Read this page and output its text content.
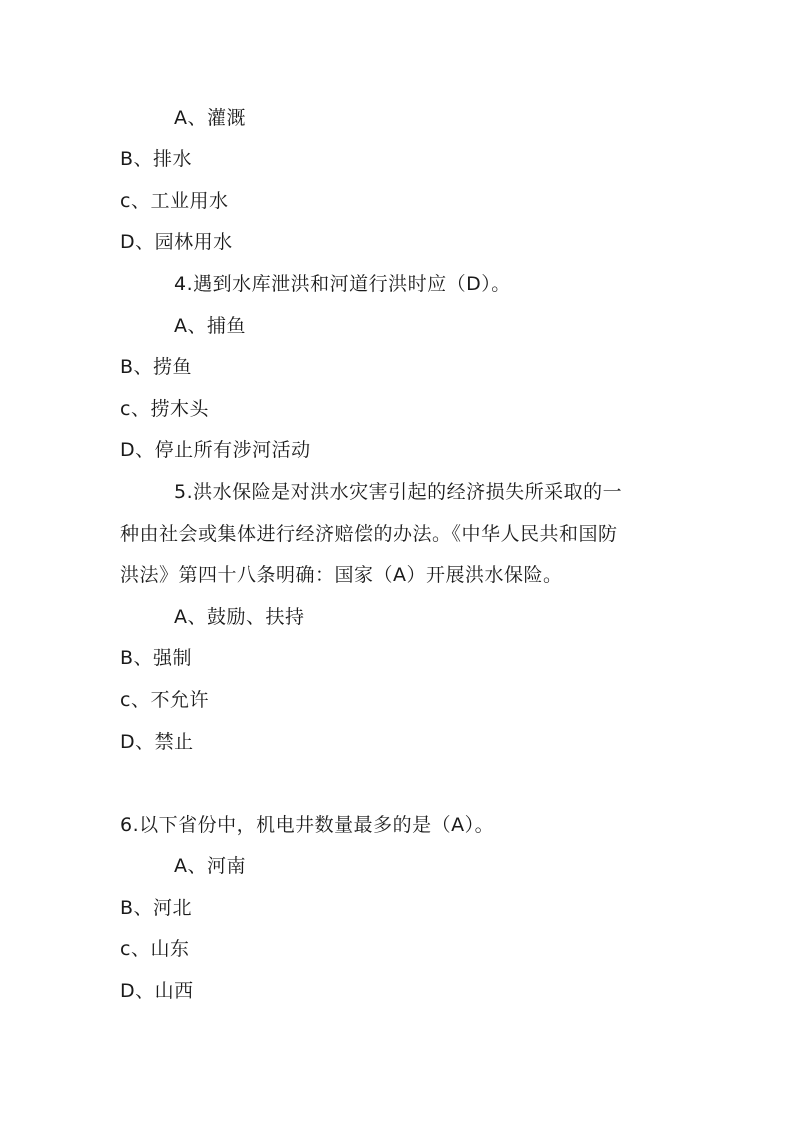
A、灌溉
B、排水
c、工业用水
D、园林用水
4.遇到水库泄洪和河道行洪时应（D）。
A、捕鱼
B、捞鱼
c、捞木头
D、停止所有涉河活动
5.洪水保险是对洪水灾害引起的经济损失所采取的一
种由社会或集体进行经济赔偿的办法。《中华人民共和国防
洪法》第四十八条明确：国家（A）开展洪水保险。
A、鼓励、扶持
B、强制
c、不允许
D、禁止
6.以下省份中，机电井数量最多的是（A）。
A、河南
B、河北
c、山东
D、山西
